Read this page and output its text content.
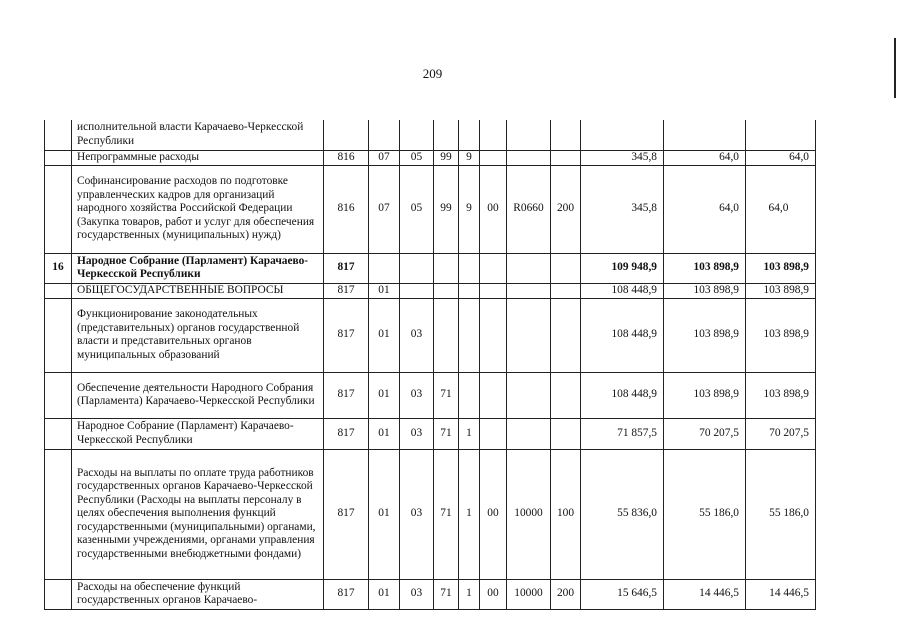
209
	исполнительной власти Карачаево-Черкесской Республики											
	Непрограммные расходы	816	07	05	99	9				345,8	64,0	64,0
	Софинансирование расходов по подготовке управленческих кадров для организаций народного хозяйства Российской Федерации (Закупка товаров, работ и услуг для обеспечения государственных (муниципальных) нужд)	816	07	05	99	9	00	R0660	200	345,8	64,0	64,0
16	Народное Собрание (Парламент) Карачаево-Черкесской Республики	817								109 948,9	103 898,9	103 898,9
	ОБЩЕГОСУДАРСТВЕННЫЕ ВОПРОСЫ	817	01							108 448,9	103 898,9	103 898,9
	Функционирование законодательных (представительных) органов государственной власти и представительных органов муниципальных образований	817	01	03						108 448,9	103 898,9	103 898,9
	Обеспечение деятельности Народного Собрания (Парламента) Карачаево-Черкесской Республики	817	01	03	71					108 448,9	103 898,9	103 898,9
	Народное Собрание (Парламент) Карачаево-Черкесской Республики	817	01	03	71	1				71 857,5	70 207,5	70 207,5
	Расходы на выплаты по оплате труда работников государственных органов Карачаево-Черкесской Республики (Расходы на выплаты персоналу в целях обеспечения выполнения функций государственными (муниципальными) органами, казенными учреждениями, органами управления государственными внебюджетными фондами)	817	01	03	71	1	00	10000	100	55 836,0	55 186,0	55 186,0
	Расходы на обеспечение функций государственных органов Карачаево-	817	01	03	71	1	00	10000	200	15 646,5	14 446,5	14 446,5
